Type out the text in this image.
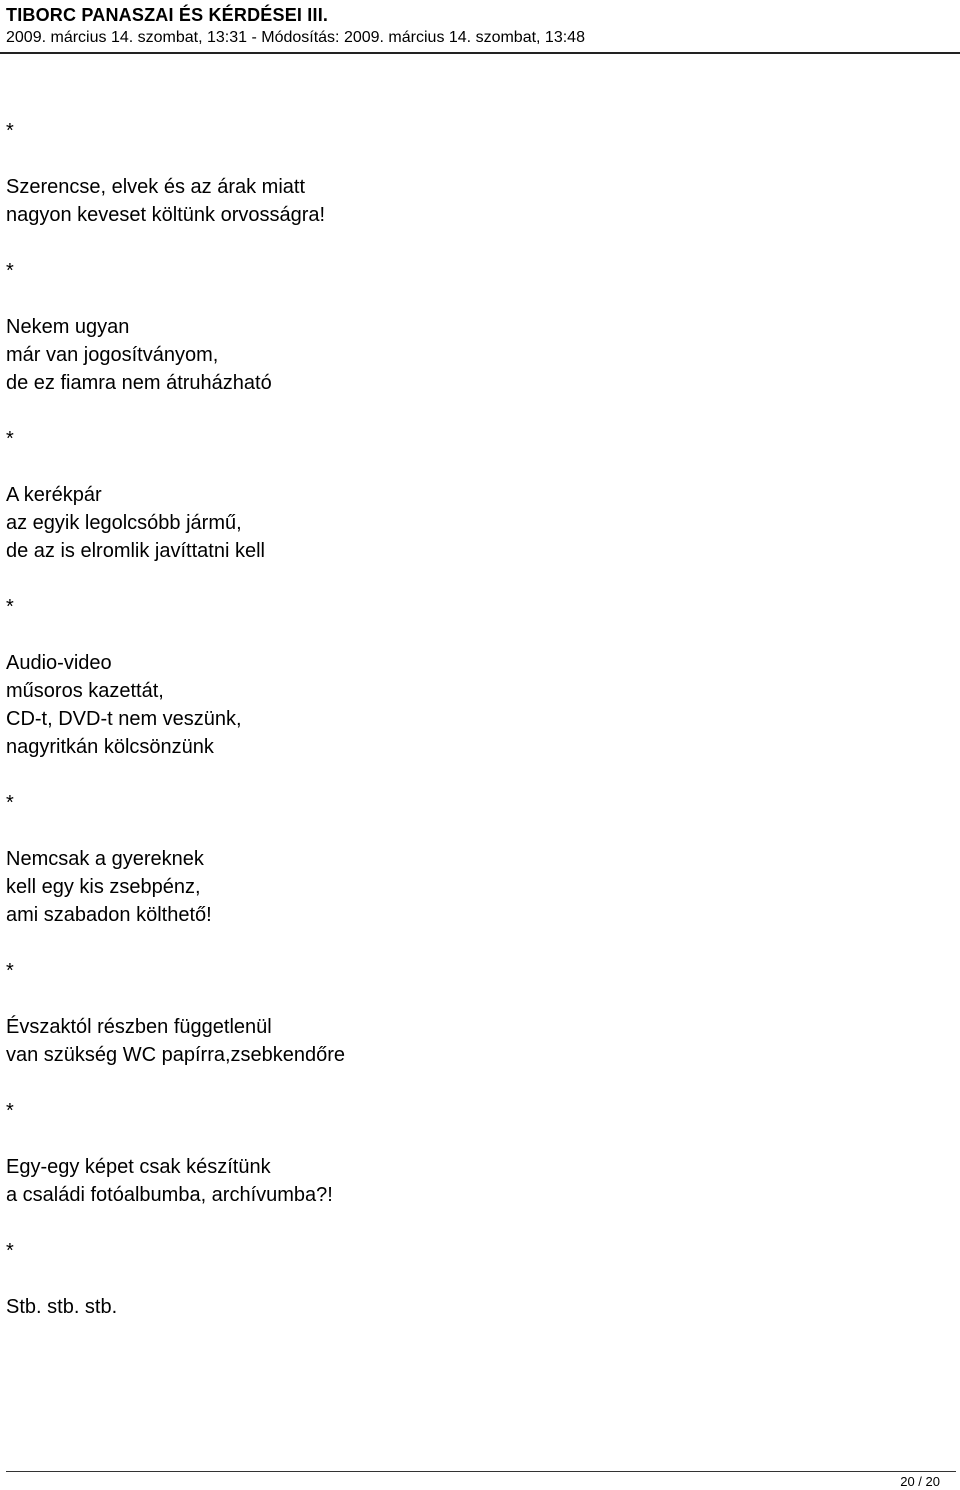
TIBORC PANASZAI ÉS KÉRDÉSEI III.
2009. március 14. szombat, 13:31 - Módosítás: 2009. március 14. szombat, 13:48
*
Szerencse, elvek és az árak miatt
nagyon keveset költünk orvosságra!
*
Nekem ugyan
már van jogosítványom,
de ez fiamra nem átruházható
*
A kerékpár
az egyik legolcsóbb jármű,
de az is elromlik javíttatni kell
*
Audio-video
műsoros kazettát,
CD-t, DVD-t nem veszünk,
nagyritkán kölcsönzünk
*
Nemcsak a gyereknek
kell egy kis zsebpénz,
ami szabadon költhető!
*
Évszaktól részben függetlenül
van szükség WC papírra,zsebkendőre
*
Egy-egy képet csak készítünk
a családi fotóalbumba, archívumba?!
*
Stb. stb. stb.
20 / 20
